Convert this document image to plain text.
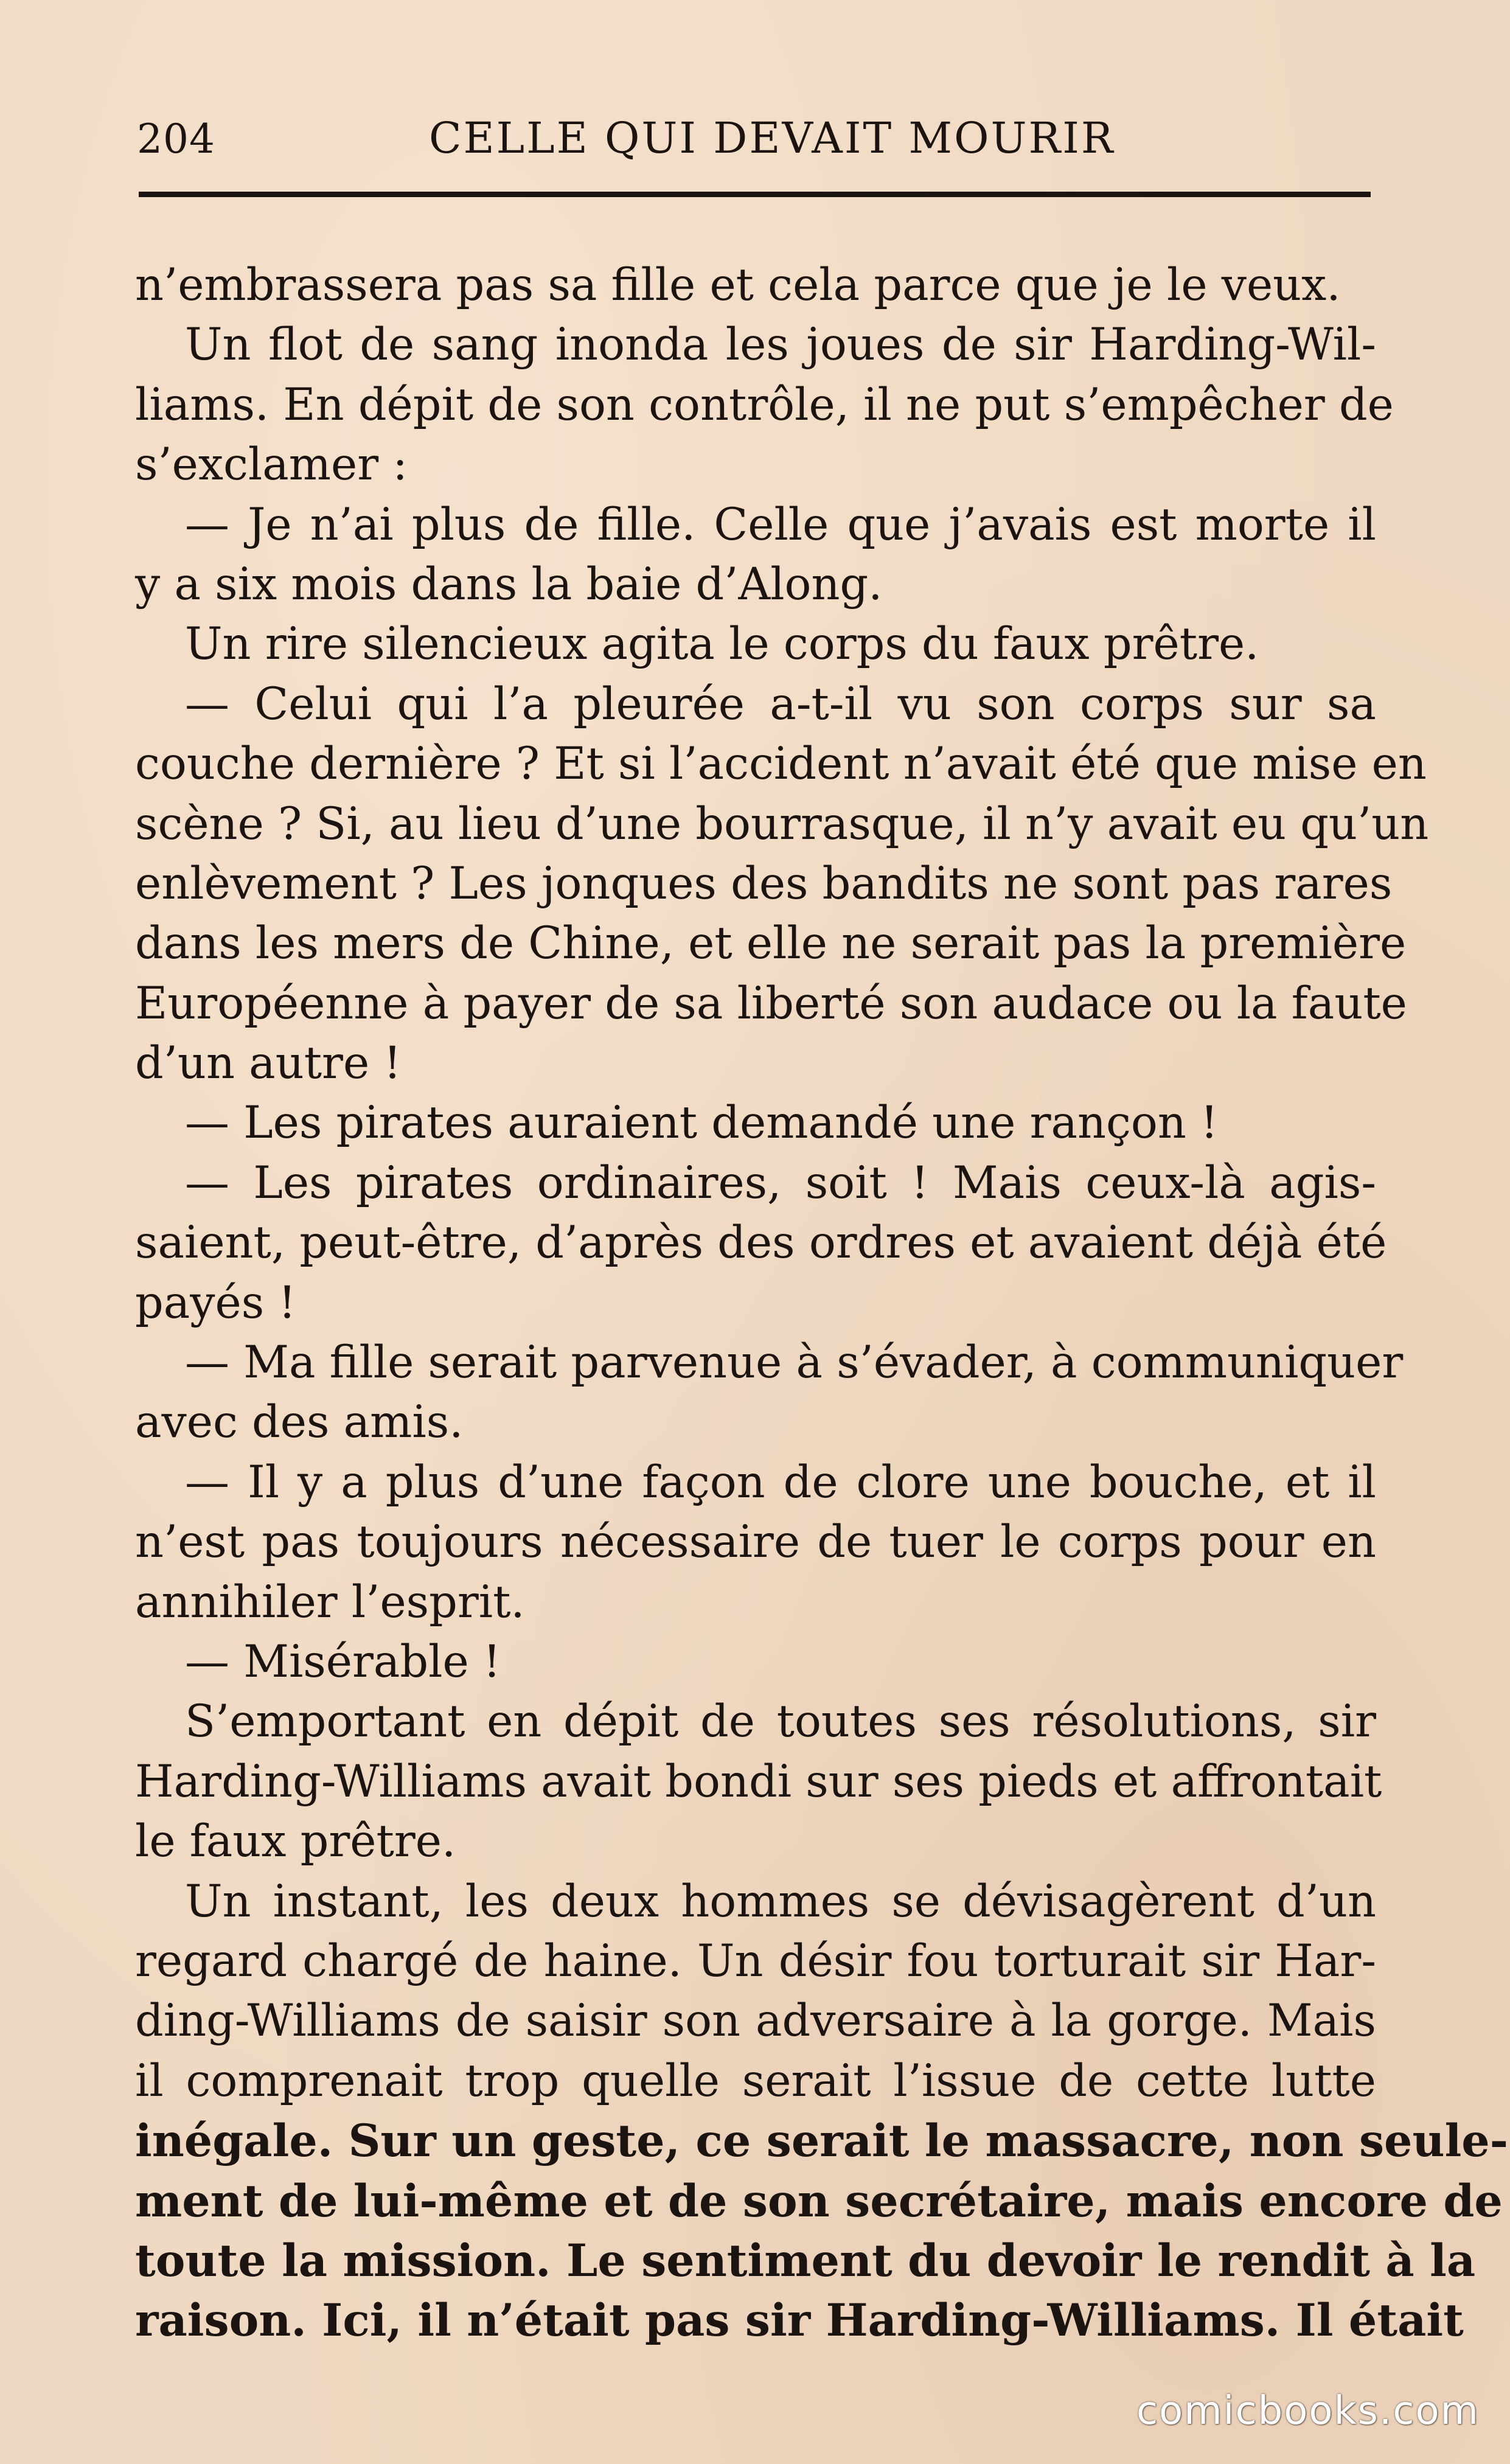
204	CELLE QUI DEVAIT MOURIR
n’embrassera pas sa fille et cela parce que je le veux.
Un flot de sang inonda les joues de sir Harding-Wil-
liams. En dépit de son contrôle, il ne put s’empêcher de
s’exclamer :
— Je n’ai plus de fille. Celle que j’avais est morte il
y a six mois dans la baie d’Along.
Un rire silencieux agita le corps du faux prêtre.
— Celui qui l’a pleurée a-t-il vu son corps sur sa
couche dernière ? Et si l’accident n’avait été que mise en
scène ? Si, au lieu d’une bourrasque, il n’y avait eu qu’un
enlèvement ? Les jonques des bandits ne sont pas rares
dans les mers de Chine, et elle ne serait pas la première
Européenne à payer de sa liberté son audace ou la faute
d’un autre !
— Les pirates auraient demandé une rançon !
— Les pirates ordinaires, soit ! Mais ceux-là agis-
saient, peut-être, d’après des ordres et avaient déjà été
payés !
— Ma fille serait parvenue à s’évader, à communiquer
avec des amis.
— Il y a plus d’une façon de clore une bouche, et il
n’est pas toujours nécessaire de tuer le corps pour en
annihiler l’esprit.
— Misérable !
S’emportant en dépit de toutes ses résolutions, sir
Harding-Williams avait bondi sur ses pieds et affrontait
le faux prêtre.
Un instant, les deux hommes se dévisagèrent d’un
regard chargé de haine. Un désir fou torturait sir Har-
ding-Williams de saisir son adversaire à la gorge. Mais
il comprenait trop quelle serait l’issue de cette lutte
inégale. Sur un geste, ce serait le massacre, non seule-
ment de lui-même et de son secrétaire, mais encore de
toute la mission. Le sentiment du devoir le rendit à la
raison. Ici, il n’était pas sir Harding-Williams. Il était
comicbooks.com
